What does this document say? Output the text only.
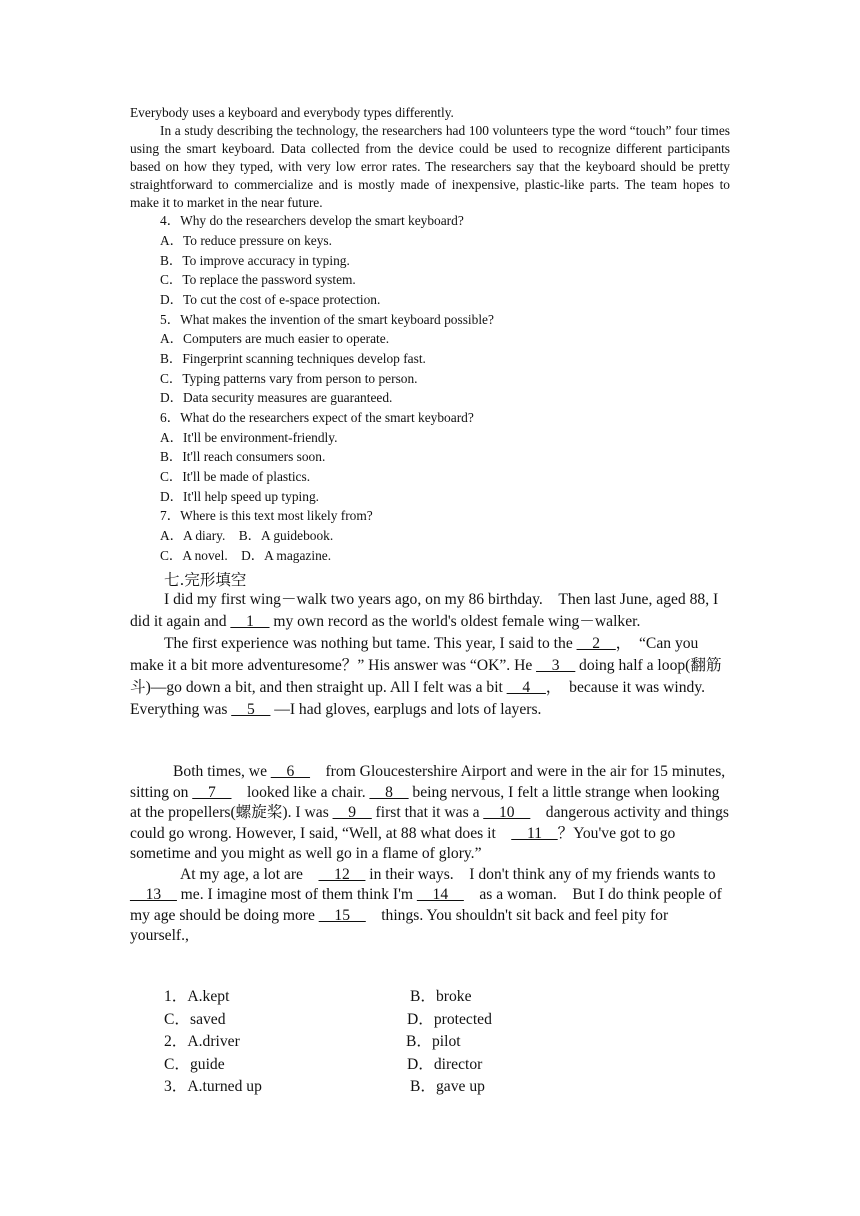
Everybody uses a keyboard and everybody types differently.
In a study describing the technology, the researchers had 100 volunteers type the word “touch” four times using the smart keyboard. Data collected from the device could be used to recognize different participants based on how they typed, with very low error rates. The researchers say that the keyboard should be pretty straightforward to commercialize and is mostly made of inexpensive, plastic-like parts. The team hopes to make it to market in the near future.
4．Why do the researchers develop the smart keyboard?
A．To reduce pressure on keys.
B．To improve accuracy in typing.
C．To replace the password system.
D．To cut the cost of e-space protection.
5．What makes the invention of the smart keyboard possible?
A．Computers are much easier to operate.
B．Fingerprint scanning techniques develop fast.
C．Typing patterns vary from person to person.
D．Data security measures are guaranteed.
6．What do the researchers expect of the smart keyboard?
A．It'll be environment-friendly.
B．It'll reach consumers soon.
C．It'll be made of plastics.
D．It'll help speed up typing.
7．Where is this text most likely from?
A．A diary.　B．A guidebook.
C．A novel.　D．A magazine.
七.完形填空

I did my first wing－walk two years ago, on my 86 birthday.　Then last June, aged 88, I did it again and __1__ my own record as the world's oldest female wing－walker.

The first experience was nothing but tame. This year, I said to the __2__，　“Can you make it a bit more adventuresome？” His answer was “OK”. He __3__ doing half a loop(翻筋斗)—go down a bit, and then straight up. All I felt was a bit __4__，　because it was windy. Everything was __5__ —I had gloves, earplugs and lots of layers.

Both times, we __6__　from Gloucestershire Airport and were in the air for 15 minutes, sitting on __7__　looked like a chair. __8__ being nervous, I felt a little strange when looking at the propellers(螺旋桨). I was __9__ first that it was a __10__　dangerous activity and things could go wrong. However, I said, “Well, at 88 what does it　__11__？You've got to go sometime and you might as well go in a flame of glory.”

At my age, a lot are　__12__ in their ways.　I don't think any of my friends wants to __13__ me. I imagine most of them think I'm __14__　as a woman.　But I do think people of my age should be doing more __15__　things. You shouldn't sit back and feel pity for yourself.,

1．A.kept	B．broke
C．saved	D．protected
2．A.driver	B．pilot
C．guide	D．director
3．A.turned up	B．gave up
